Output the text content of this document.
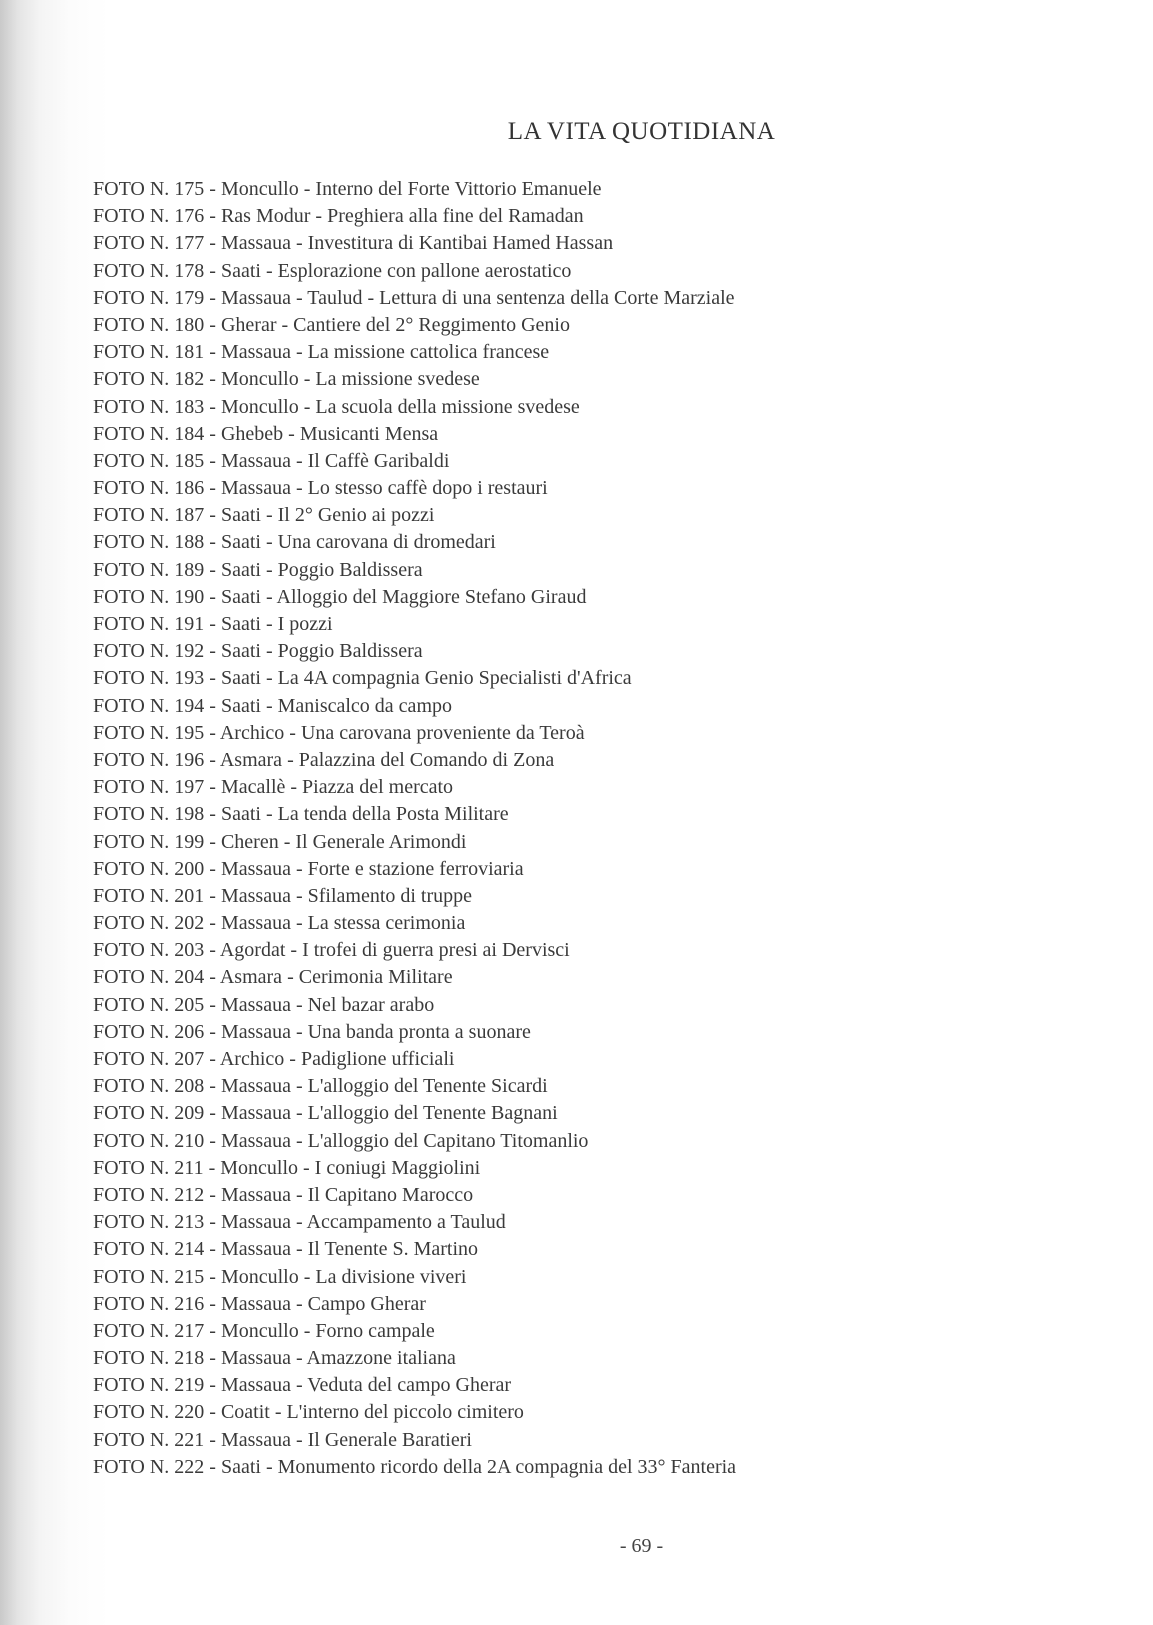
LA VITA QUOTIDIANA
FOTO N. 175 - Moncullo - Interno del Forte Vittorio Emanuele
FOTO N. 176 - Ras Modur - Preghiera alla fine del Ramadan
FOTO N. 177 - Massaua - Investitura di Kantibai Hamed Hassan
FOTO N. 178 - Saati - Esplorazione con pallone aerostatico
FOTO N. 179 - Massaua - Taulud - Lettura di una sentenza della Corte Marziale
FOTO N. 180 - Gherar - Cantiere del 2° Reggimento Genio
FOTO N. 181 - Massaua - La missione cattolica francese
FOTO N. 182 - Moncullo - La missione svedese
FOTO N. 183 - Moncullo - La scuola della missione svedese
FOTO N. 184 - Ghebeb - Musicanti Mensa
FOTO N. 185 - Massaua - Il Caffè Garibaldi
FOTO N. 186 - Massaua - Lo stesso caffè dopo i restauri
FOTO N. 187 - Saati - Il 2° Genio ai pozzi
FOTO N. 188 - Saati - Una carovana di dromedari
FOTO N. 189 - Saati - Poggio Baldissera
FOTO N. 190 - Saati - Alloggio del Maggiore Stefano Giraud
FOTO N. 191 - Saati - I pozzi
FOTO N. 192 - Saati - Poggio Baldissera
FOTO N. 193 - Saati - La 4A compagnia Genio Specialisti d'Africa
FOTO N. 194 - Saati - Maniscalco da campo
FOTO N. 195 - Archico - Una carovana proveniente da Teroà
FOTO N. 196 - Asmara - Palazzina del Comando di Zona
FOTO N. 197 - Macallè - Piazza del mercato
FOTO N. 198 - Saati - La tenda della Posta Militare
FOTO N. 199 - Cheren - Il Generale Arimondi
FOTO N. 200 - Massaua - Forte e stazione ferroviaria
FOTO N. 201 - Massaua - Sfilamento di truppe
FOTO N. 202 - Massaua - La stessa cerimonia
FOTO N. 203 - Agordat - I trofei di guerra presi ai Dervisci
FOTO N. 204 - Asmara - Cerimonia Militare
FOTO N. 205 - Massaua - Nel bazar arabo
FOTO N. 206 - Massaua - Una banda pronta a suonare
FOTO N. 207 - Archico - Padiglione ufficiali
FOTO N. 208 - Massaua - L'alloggio del Tenente Sicardi
FOTO N. 209 - Massaua - L'alloggio del Tenente Bagnani
FOTO N. 210 - Massaua - L'alloggio del Capitano Titomanlio
FOTO N. 211 - Moncullo - I coniugi Maggiolini
FOTO N. 212 - Massaua - Il Capitano Marocco
FOTO N. 213 - Massaua - Accampamento a Taulud
FOTO N. 214 - Massaua - Il Tenente S. Martino
FOTO N. 215 - Moncullo - La divisione viveri
FOTO N. 216 - Massaua - Campo Gherar
FOTO N. 217 - Moncullo - Forno campale
FOTO N. 218 - Massaua - Amazzone italiana
FOTO N. 219 - Massaua - Veduta del campo Gherar
FOTO N. 220 - Coatit - L'interno del piccolo cimitero
FOTO N. 221 - Massaua - Il Generale Baratieri
FOTO N. 222 - Saati - Monumento ricordo della 2A compagnia del 33° Fanteria
- 69 -
